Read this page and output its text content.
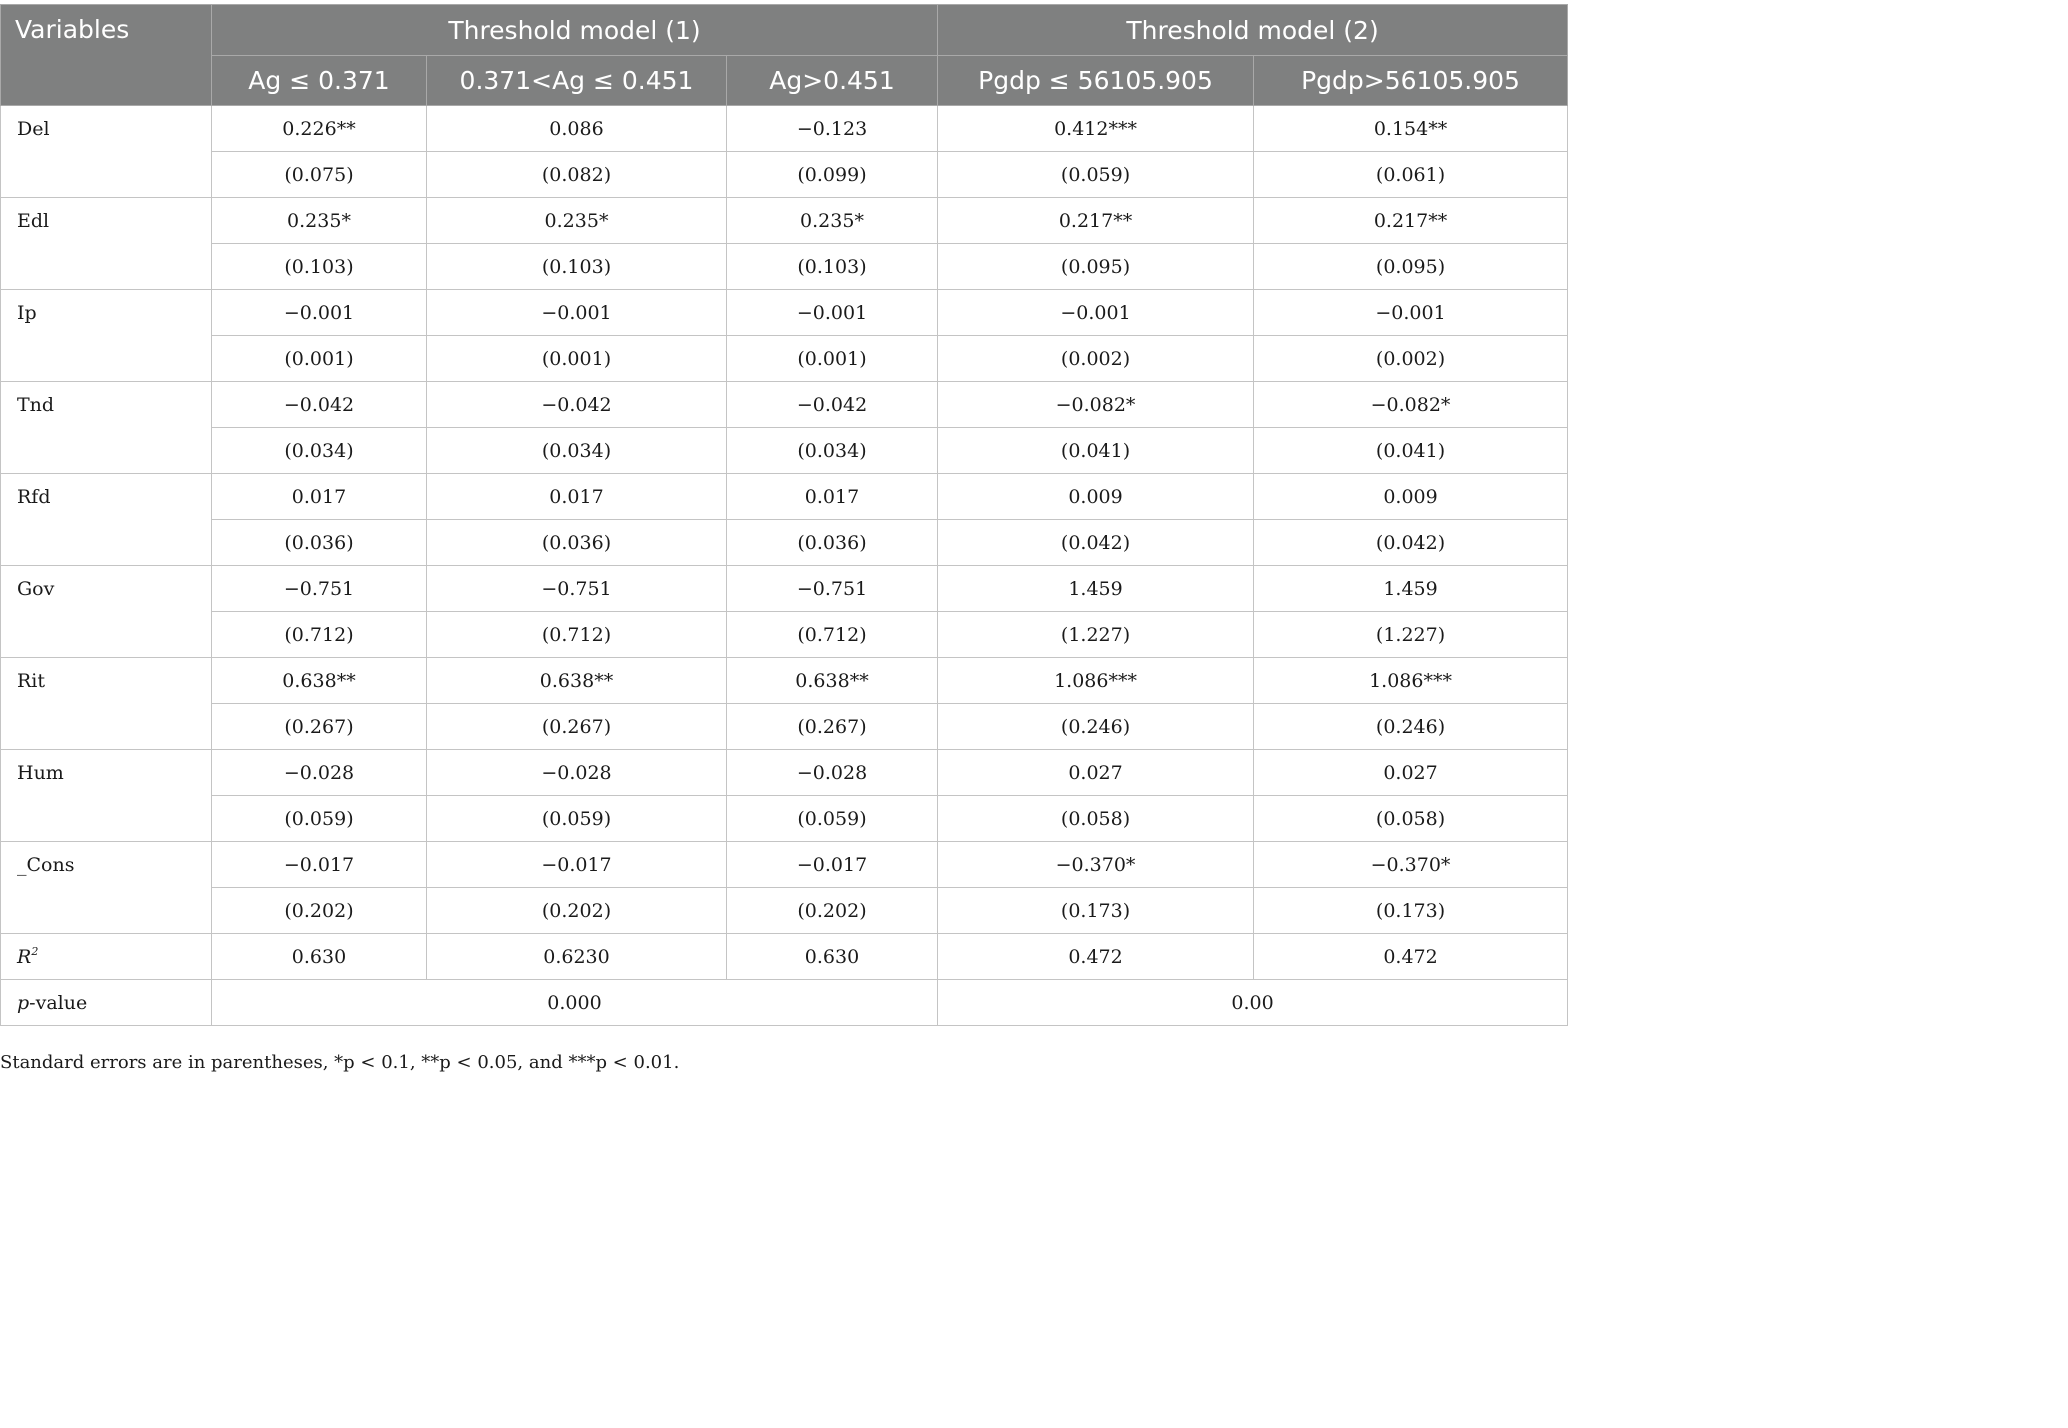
Variables	Threshold model (1)			Threshold model (2)	
	Ag ≤ 0.371	0.371<Ag ≤ 0.451	Ag>0.451	Pgdp ≤ 56105.905	Pgdp>56105.905
Del	0.226**	0.086	−0.123	0.412***	0.154**
	(0.075)	(0.082)	(0.099)	(0.059)	(0.061)
Edl	0.235*	0.235*	0.235*	0.217**	0.217**
	(0.103)	(0.103)	(0.103)	(0.095)	(0.095)
Ip	−0.001	−0.001	−0.001	−0.001	−0.001
	(0.001)	(0.001)	(0.001)	(0.002)	(0.002)
Tnd	−0.042	−0.042	−0.042	−0.082*	−0.082*
	(0.034)	(0.034)	(0.034)	(0.041)	(0.041)
Rfd	0.017	0.017	0.017	0.009	0.009
	(0.036)	(0.036)	(0.036)	(0.042)	(0.042)
Gov	−0.751	−0.751	−0.751	1.459	1.459
	(0.712)	(0.712)	(0.712)	(1.227)	(1.227)
Rit	0.638**	0.638**	0.638**	1.086***	1.086***
	(0.267)	(0.267)	(0.267)	(0.246)	(0.246)
Hum	−0.028	−0.028	−0.028	0.027	0.027
	(0.059)	(0.059)	(0.059)	(0.058)	(0.058)
_Cons	−0.017	−0.017	−0.017	−0.370*	−0.370*
	(0.202)	(0.202)	(0.202)	(0.173)	(0.173)
$R^2$	0.630	0.6230	0.630	0.472	0.472
p-value	0.000			0.00	
Standard errors are in parentheses, *p < 0.1, **p < 0.05, and ***p < 0.01.
